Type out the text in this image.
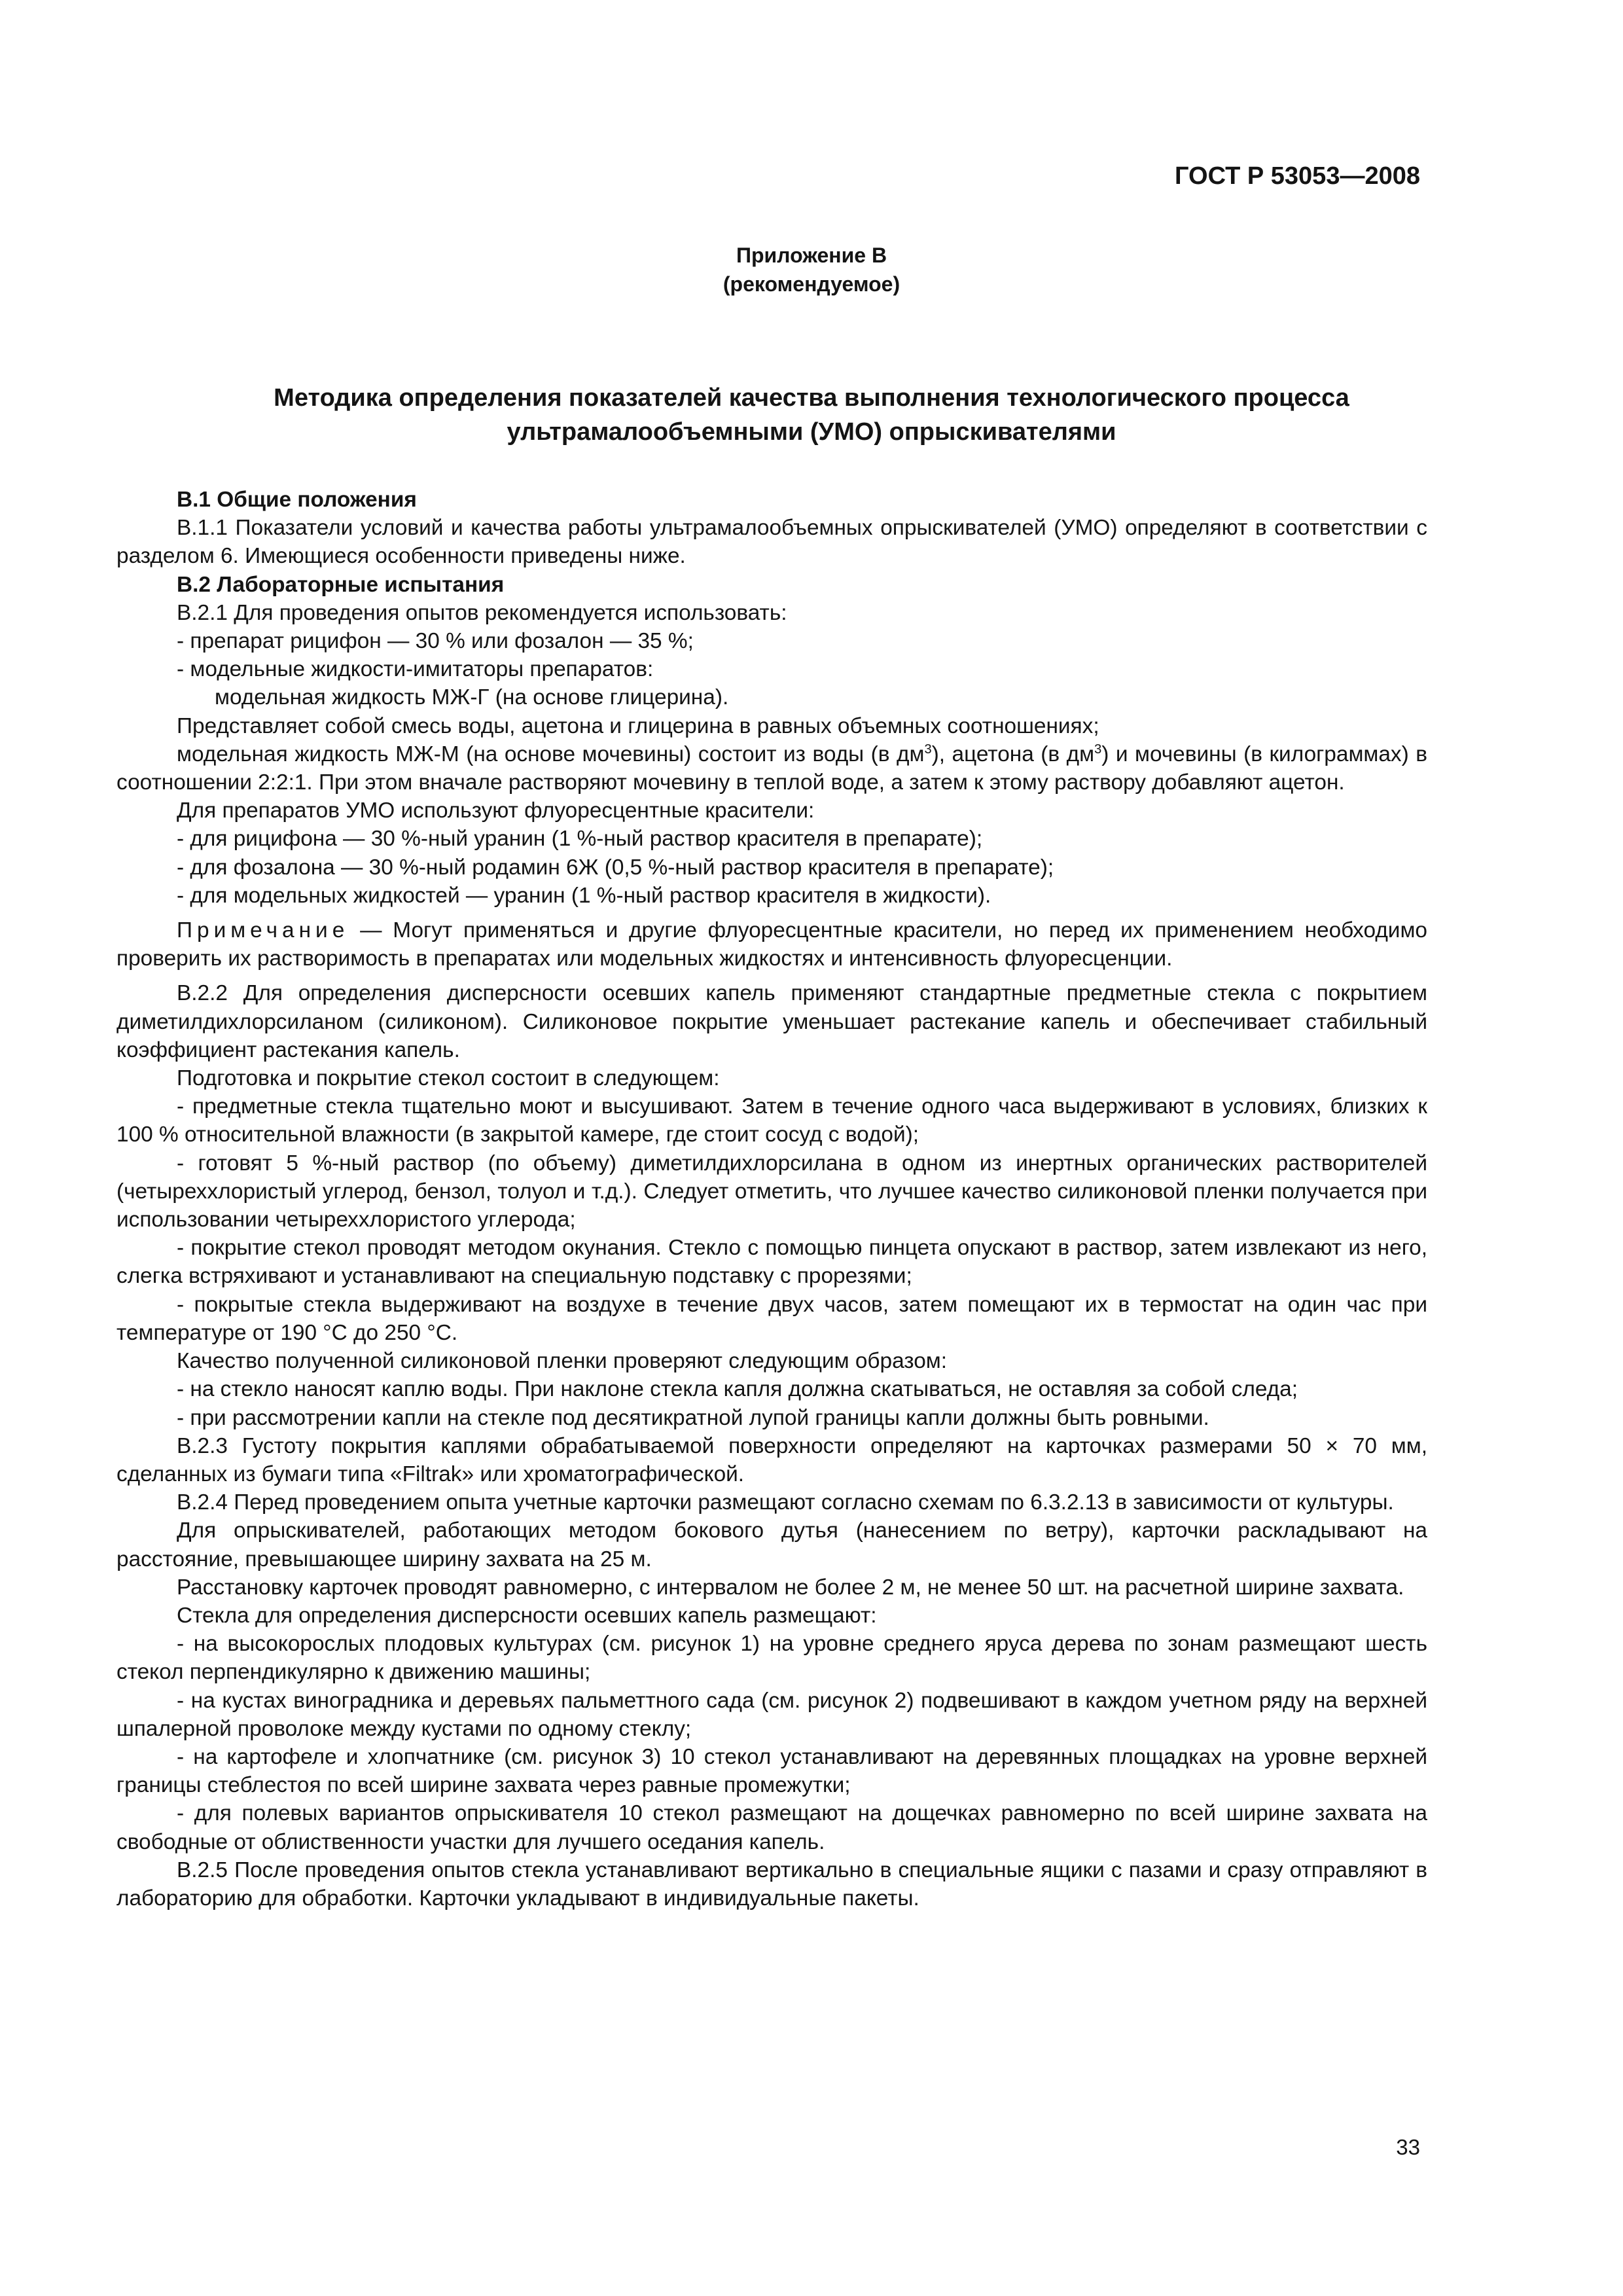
ГОСТ Р 53053—2008
Приложение В
(рекомендуемое)
Методика определения показателей качества выполнения технологического процесса
ультрамалообъемными (УМО) опрыскивателями

В.1 Общие положения

В.1.1 Показатели условий и качества работы ультрамалообъемных опрыскивателей (УМО) определяют в соответствии с разделом 6. Имеющиеся особенности приведены ниже.

В.2 Лабораторные испытания

В.2.1 Для проведения опытов рекомендуется использовать:

- препарат рицифон — 30 % или фозалон — 35 %;

- модельные жидкости-имитаторы препаратов:

модельная жидкость МЖ-Г (на основе глицерина).

Представляет собой смесь воды, ацетона и глицерина в равных объемных соотношениях;

модельная жидкость МЖ-М (на основе мочевины) состоит из воды (в $дм^3$), ацетона (в $дм^3$) и мочевины (в килограммах) в соотношении 2:2:1. При этом вначале растворяют мочевину в теплой воде, а затем к этому раствору добавляют ацетон.

Для препаратов УМО используют флуоресцентные красители:

- для рицифона — 30 %-ный уранин (1 %-ный раствор красителя в препарате);

- для фозалона — 30 %-ный родамин 6Ж (0,5 %-ный раствор красителя в препарате);

- для модельных жидкостей — уранин (1 %-ный раствор красителя в жидкости).

Примечание — Могут применяться и другие флуоресцентные красители, но перед их применением необходимо проверить их растворимость в препаратах или модельных жидкостях и интенсивность флуоресценции.

В.2.2 Для определения дисперсности осевших капель применяют стандартные предметные стекла с покрытием диметилдихлорсиланом (силиконом). Силиконовое покрытие уменьшает растекание капель и обеспечивает стабильный коэффициент растекания капель.

Подготовка и покрытие стекол состоит в следующем:

- предметные стекла тщательно моют и высушивают. Затем в течение одного часа выдерживают в условиях, близких к 100 % относительной влажности (в закрытой камере, где стоит сосуд с водой);

- готовят 5 %-ный раствор (по объему) диметилдихлорсилана в одном из инертных органических растворителей (четыреххлористый углерод, бензол, толуол и т.д.). Следует отметить, что лучшее качество силиконовой пленки получается при использовании четыреххлористого углерода;

- покрытие стекол проводят методом окунания. Стекло с помощью пинцета опускают в раствор, затем извлекают из него, слегка встряхивают и устанавливают на специальную подставку с прорезями;

- покрытые стекла выдерживают на воздухе в течение двух часов, затем помещают их в термостат на один час при температуре от 190 °С до 250 °С.

Качество полученной силиконовой пленки проверяют следующим образом:

- на стекло наносят каплю воды. При наклоне стекла капля должна скатываться, не оставляя за собой следа;

- при рассмотрении капли на стекле под десятикратной лупой границы капли должны быть ровными.

В.2.3 Густоту покрытия каплями обрабатываемой поверхности определяют на карточках размерами 50 × 70 мм, сделанных из бумаги типа «Filtrak» или хроматографической.

В.2.4 Перед проведением опыта учетные карточки размещают согласно схемам по 6.3.2.13 в зависимости от культуры.

Для опрыскивателей, работающих методом бокового дутья (нанесением по ветру), карточки раскладывают на расстояние, превышающее ширину захвата на 25 м.

Расстановку карточек проводят равномерно, с интервалом не более 2 м, не менее 50 шт. на расчетной ширине захвата.

Стекла для определения дисперсности осевших капель размещают:

- на высокорослых плодовых культурах (см. рисунок 1) на уровне среднего яруса дерева по зонам размещают шесть стекол перпендикулярно к движению машины;

- на кустах виноградника и деревьях пальметтного сада (см. рисунок 2) подвешивают в каждом учетном ряду на верхней шпалерной проволоке между кустами по одному стеклу;

- на картофеле и хлопчатнике (см. рисунок 3) 10 стекол устанавливают на деревянных площадках на уровне верхней границы стеблестоя по всей ширине захвата через равные промежутки;

- для полевых вариантов опрыскивателя 10 стекол размещают на дощечках равномерно по всей ширине захвата на свободные от облиственности участки для лучшего оседания капель.

В.2.5 После проведения опытов стекла устанавливают вертикально в специальные ящики с пазами и сразу отправляют в лабораторию для обработки. Карточки укладывают в индивидуальные пакеты.

33
